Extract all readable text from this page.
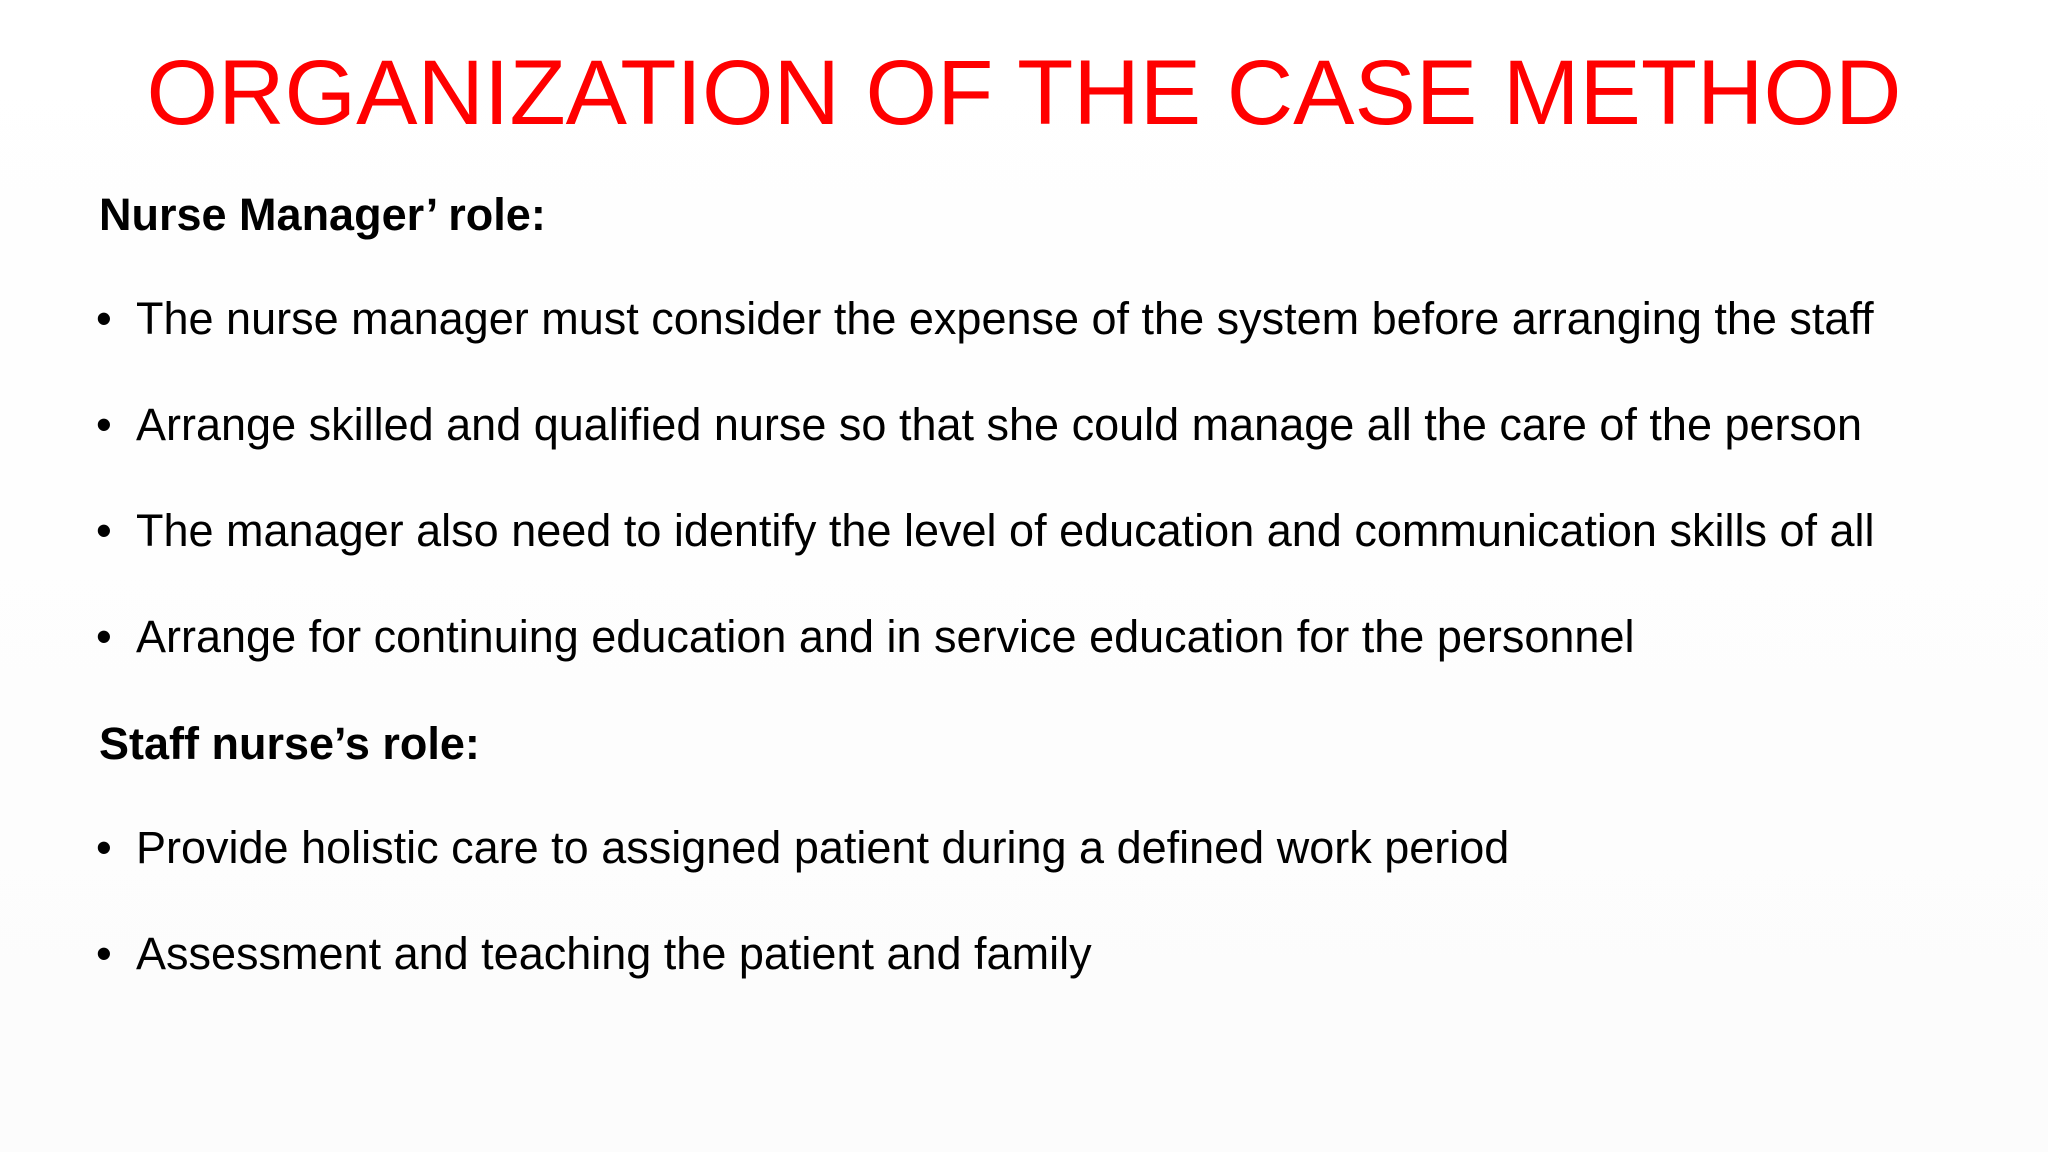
ORGANIZATION OF THE CASE METHOD
Nurse Manager’ role:

• The nurse manager must consider the expense of the system before arranging the staff

• Arrange skilled and qualified nurse so that she could manage all the care of the person

• The manager also need to identify the level of education and communication skills of all

• Arrange for continuing education and in service education for the personnel

Staff nurse’s role:

• Provide holistic care to assigned patient during a defined work period

• Assessment and teaching the patient and family
